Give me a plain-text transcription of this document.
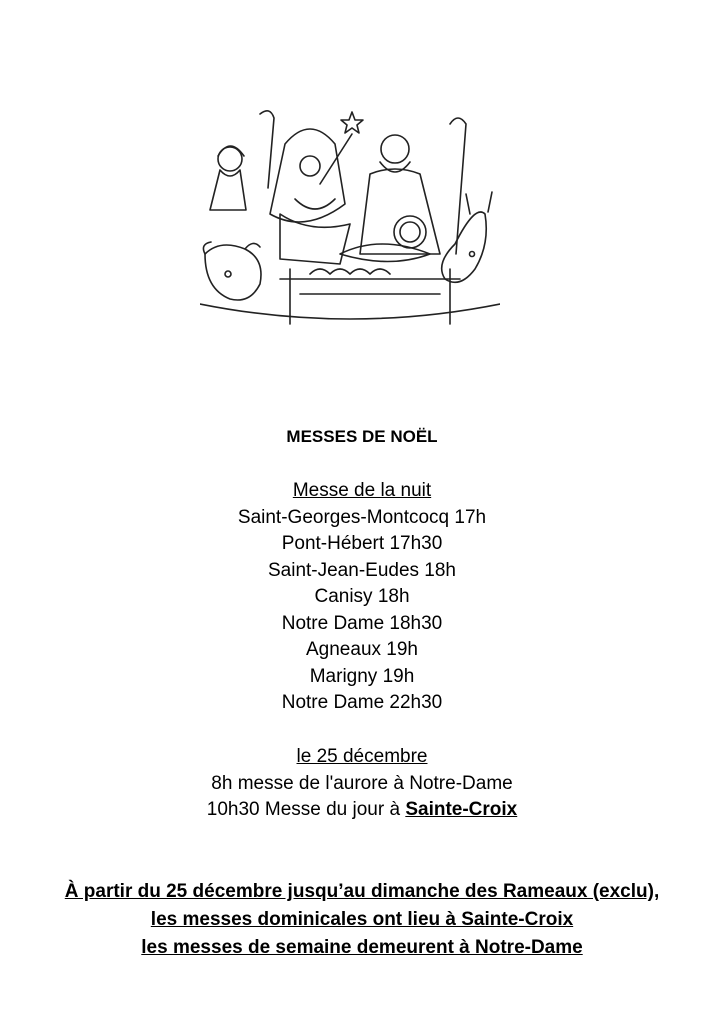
MESSES DE NOËL
Messe de la nuit
Saint-Georges-Montcocq 17h
Pont-Hébert 17h30
Saint-Jean-Eudes 18h
Canisy 18h
Notre Dame 18h30
Agneaux 19h
Marigny 19h
Notre Dame 22h30
le 25 décembre
8h messe de l'aurore à Notre-Dame
10h30 Messe du jour à Sainte-Croix
À partir du 25 décembre jusqu’au dimanche des Rameaux (exclu),
les messes dominicales ont lieu à Sainte-Croix
les messes de semaine demeurent à Notre-Dame
